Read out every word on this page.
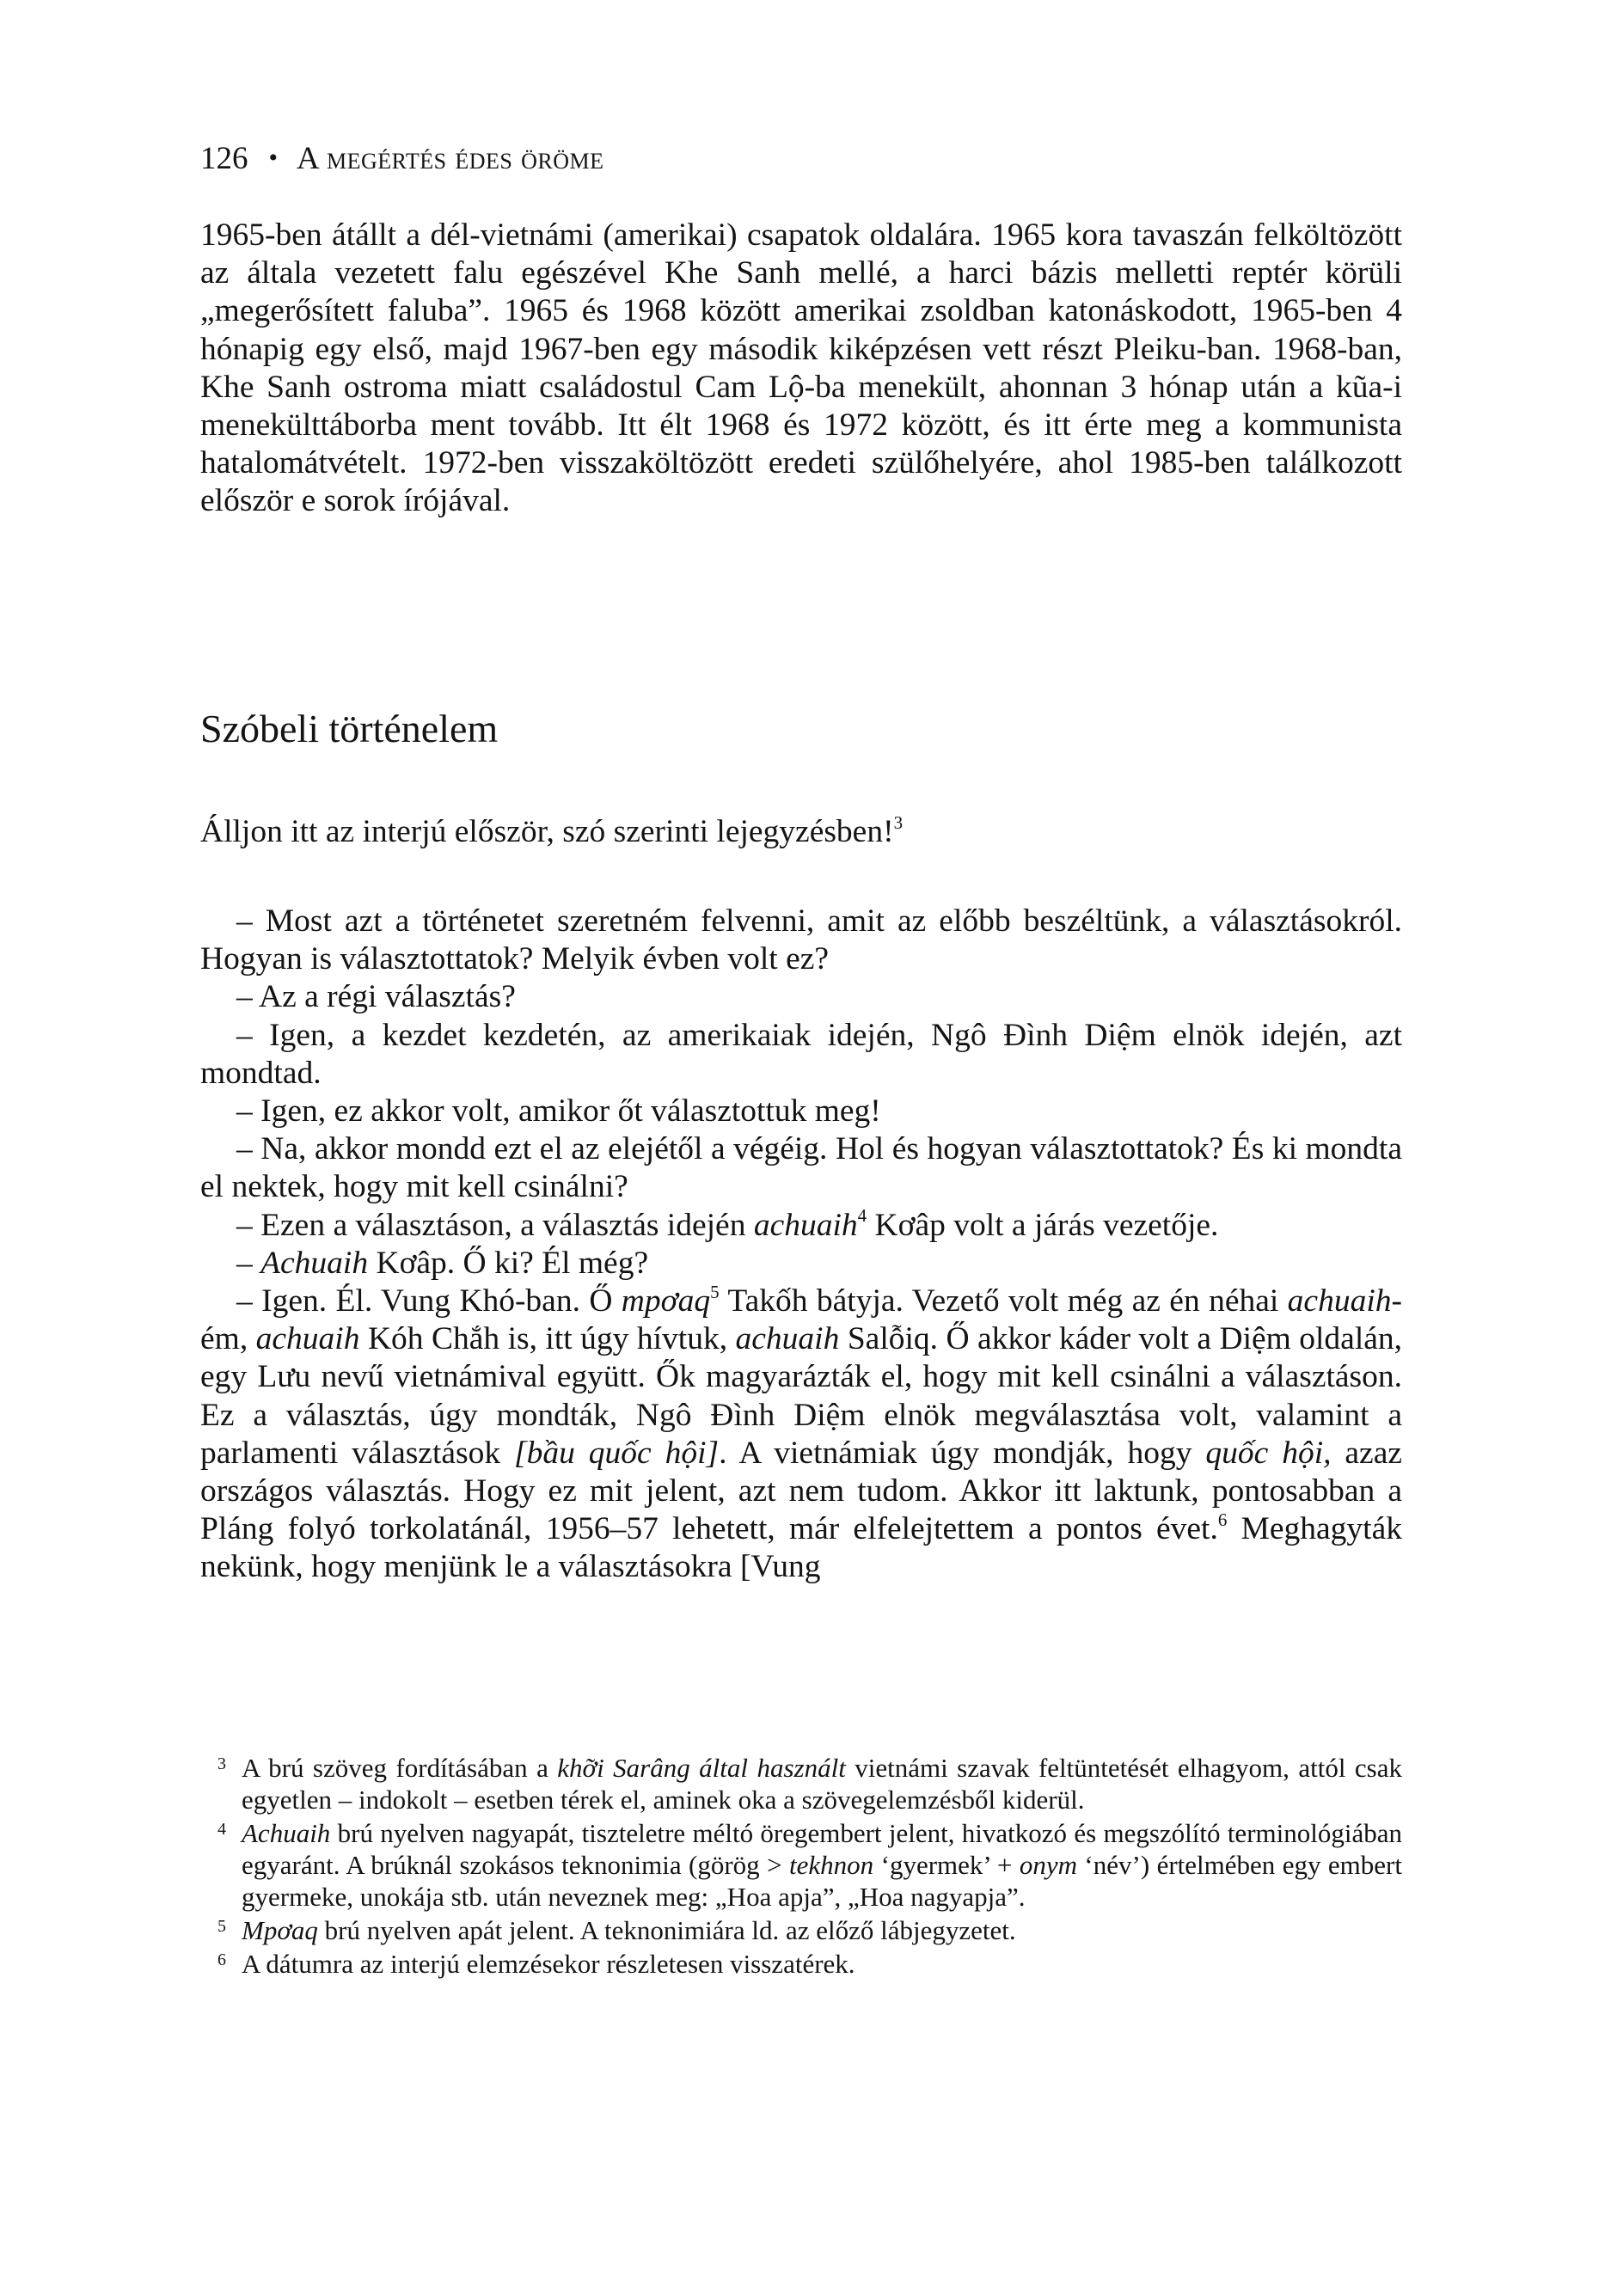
126 • A megértés édes öröme

1965-ben átállt a dél-vietnámi (amerikai) csapatok oldalára. 1965 kora tavaszán felköltözött az általa vezetett falu egészével Khe Sanh mellé, a harci bázis melletti reptér körüli „megerősített faluba”. 1965 és 1968 között amerikai zsoldban katonáskodott, 1965-ben 4 hónapig egy első, majd 1967-ben egy második kiképzésen vett részt Pleiku-ban. 1968-ban, Khe Sanh ostroma miatt családostul Cam Lộ-ba menekült, ahonnan 3 hónap után a kũa-i menekülttáborba ment tovább. Itt élt 1968 és 1972 között, és itt érte meg a kommunista hatalomátvételt. 1972-ben visszaköltözött eredeti szülőhelyére, ahol 1985-ben találkozott először e sorok írójával.

Szóbeli történelem
Álljon itt az interjú először, szó szerinti lejegyzésben!$^3$

– Most azt a történetet szeretném felvenni, amit az előbb beszéltünk, a választásokról. Hogyan is választottatok? Melyik évben volt ez?

– Az a régi választás?

– Igen, a kezdet kezdetén, az amerikaiak idején, Ngô Đình Diệm elnök idején, azt mondtad.

– Igen, ez akkor volt, amikor őt választottuk meg!

– Na, akkor mondd ezt el az elejétől a végéig. Hol és hogyan választottatok? És ki mondta el nektek, hogy mit kell csinálni?

– Ezen a választáson, a választás idején achuaih$^4$ Kơâp volt a járás vezetője.

– Achuaih Kơâp. Ő ki? Él még?

– Igen. Él. Vung Khó-ban. Ő mpơaq$^5$ Takốh bátyja. Vezető volt még az én néhai achuaih-ém, achuaih Kóh Chắh is, itt úgy hívtuk, achuaih Salỗiq. Ő akkor káder volt a Diệm oldalán, egy Lưu nevű vietnámival együtt. Ők magyarázták el, hogy mit kell csinálni a választáson. Ez a választás, úgy mondták, Ngô Đình Diệm elnök megválasztása volt, valamint a parlamenti választások [bầu quốc hội]. A vietnámiak úgy mondják, hogy quốc hội, azaz országos választás. Hogy ez mit jelent, azt nem tudom. Akkor itt laktunk, pontosabban a Pláng folyó torkolatánál, 1956–57 lehetett, már elfelejtettem a pontos évet.$^6$ Meghagyták nekünk, hogy menjünk le a választásokra [Vung

3 A brú szöveg fordításában a khỡi Sarâng által használt vietnámi szavak feltüntetését elhagyom, attól csak egyetlen – indokolt – esetben térek el, aminek oka a szövegelemzésből kiderül.

4 Achuaih brú nyelven nagyapát, tiszteletre méltó öregembert jelent, hivatkozó és megszólító terminológiában egyaránt. A brúknál szokásos teknonimia (görög > tekhnon ‘gyermek’ + onym ‘név’) értelmében egy embert gyermeke, unokája stb. után neveznek meg: „Hoa apja”, „Hoa nagyapja”.

5 Mpơaq brú nyelven apát jelent. A teknonimiára ld. az előző lábjegyzetet.

6 A dátumra az interjú elemzésekor részletesen visszatérek.
